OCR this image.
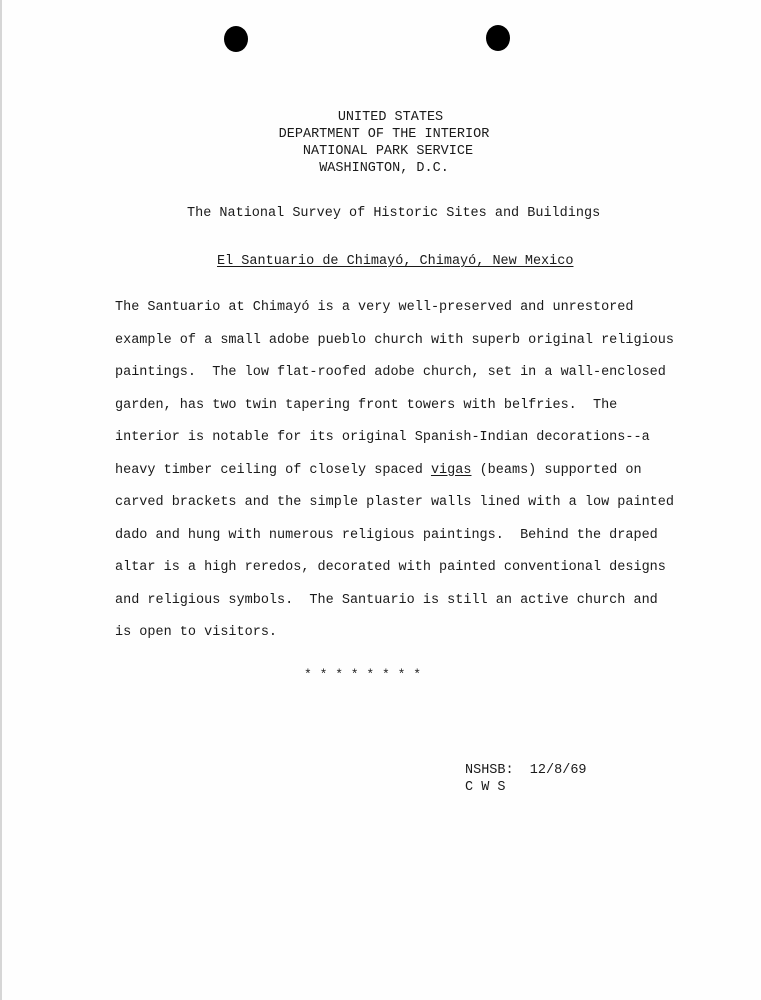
UNITED STATES
DEPARTMENT OF THE INTERIOR
NATIONAL PARK SERVICE
WASHINGTON, D.C.
The National Survey of Historic Sites and Buildings
El Santuario de Chimayó, Chimayó, New Mexico
The Santuario at Chimayó is a very well-preserved and unrestored
example of a small adobe pueblo church with superb original religious
paintings.  The low flat-roofed adobe church, set in a wall-enclosed
garden, has two twin tapering front towers with belfries.  The
interior is notable for its original Spanish-Indian decorations--a
heavy timber ceiling of closely spaced vigas (beams) supported on
carved brackets and the simple plaster walls lined with a low painted
dado and hung with numerous religious paintings.  Behind the draped
altar is a high reredos, decorated with painted conventional designs
and religious symbols.  The Santuario is still an active church and
is open to visitors.
* * * * * * * *
NSHSB:  12/8/69
C W S
